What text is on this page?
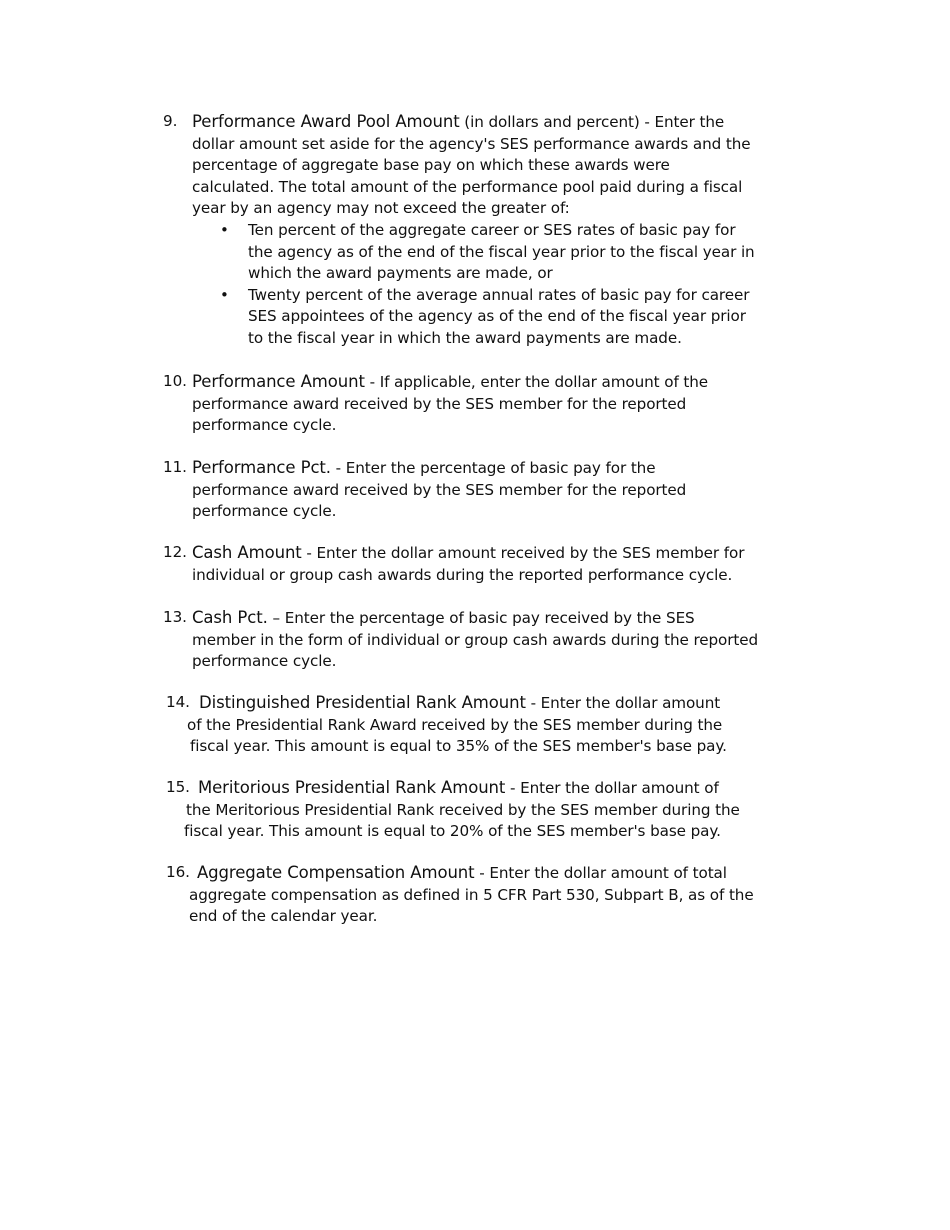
9. Performance Award Pool Amount (in dollars and percent) - Enter the
dollar amount set aside for the agency's SES performance awards and the
percentage of aggregate base pay on which these awards were
calculated. The total amount of the performance pool paid during a fiscal
year by an agency may not exceed the greater of:
• Ten percent of the aggregate career or SES rates of basic pay for
the agency as of the end of the fiscal year prior to the fiscal year in
which the award payments are made, or
• Twenty percent of the average annual rates of basic pay for career
SES appointees of the agency as of the end of the fiscal year prior
to the fiscal year in which the award payments are made.
10. Performance Amount - If applicable, enter the dollar amount of the
performance award received by the SES member for the reported
performance cycle.
11. Performance Pct. - Enter the percentage of basic pay for the
performance award received by the SES member for the reported
performance cycle.
12. Cash Amount - Enter the dollar amount received by the SES member for
individual or group cash awards during the reported performance cycle.
13. Cash Pct. – Enter the percentage of basic pay received by the SES
member in the form of individual or group cash awards during the reported
performance cycle.
14. Distinguished Presidential Rank Amount - Enter the dollar amount
of the Presidential Rank Award received by the SES member during the
fiscal year. This amount is equal to 35% of the SES member's base pay.
15. Meritorious Presidential Rank Amount - Enter the dollar amount of
the Meritorious Presidential Rank received by the SES member during the
fiscal year. This amount is equal to 20% of the SES member's base pay.
16. Aggregate Compensation Amount - Enter the dollar amount of total
aggregate compensation as defined in 5 CFR Part 530, Subpart B, as of the
end of the calendar year.
